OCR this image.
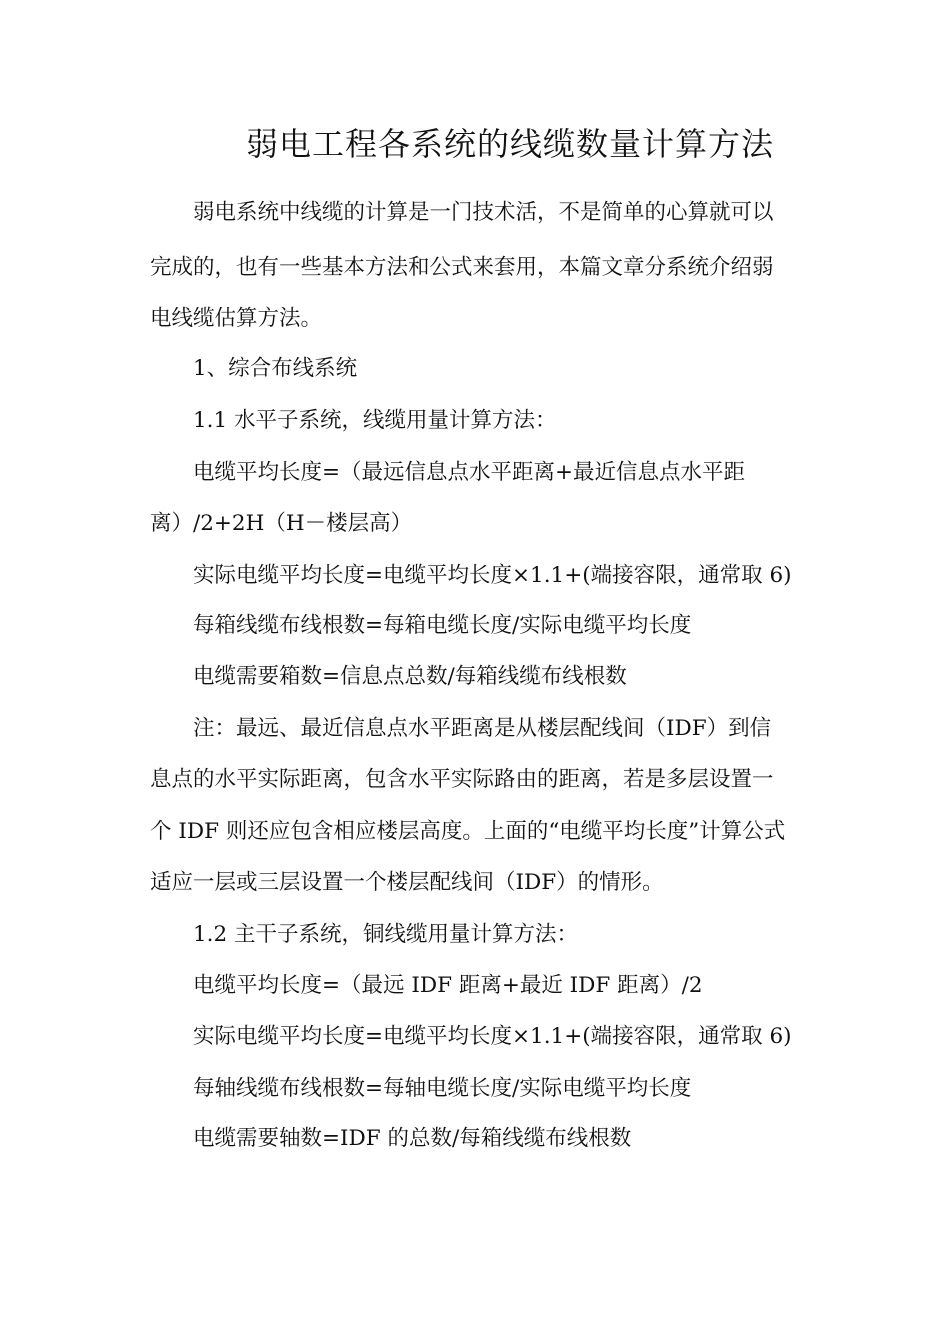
弱电工程各系统的线缆数量计算方法
弱电系统中线缆的计算是一门技术活，不是简单的心算就可以
完成的，也有一些基本方法和公式来套用，本篇文章分系统介绍弱
电线缆估算方法。
1、综合布线系统
1.1 水平子系统，线缆用量计算方法：
电缆平均长度=（最远信息点水平距离+最近信息点水平距
离）/2+2H（H－楼层高）
实际电缆平均长度=电缆平均长度×1.1+(端接容限，通常取 6)
每箱线缆布线根数=每箱电缆长度/实际电缆平均长度
电缆需要箱数=信息点总数/每箱线缆布线根数
注：最远、最近信息点水平距离是从楼层配线间（IDF）到信
息点的水平实际距离，包含水平实际路由的距离，若是多层设置一
个 IDF 则还应包含相应楼层高度。上面的“电缆平均长度”计算公式
适应一层或三层设置一个楼层配线间（IDF）的情形。
1.2 主干子系统，铜线缆用量计算方法：
电缆平均长度=（最远 IDF 距离+最近 IDF 距离）/2
实际电缆平均长度=电缆平均长度×1.1+(端接容限，通常取 6)
每轴线缆布线根数=每轴电缆长度/实际电缆平均长度
电缆需要轴数=IDF 的总数/每箱线缆布线根数
